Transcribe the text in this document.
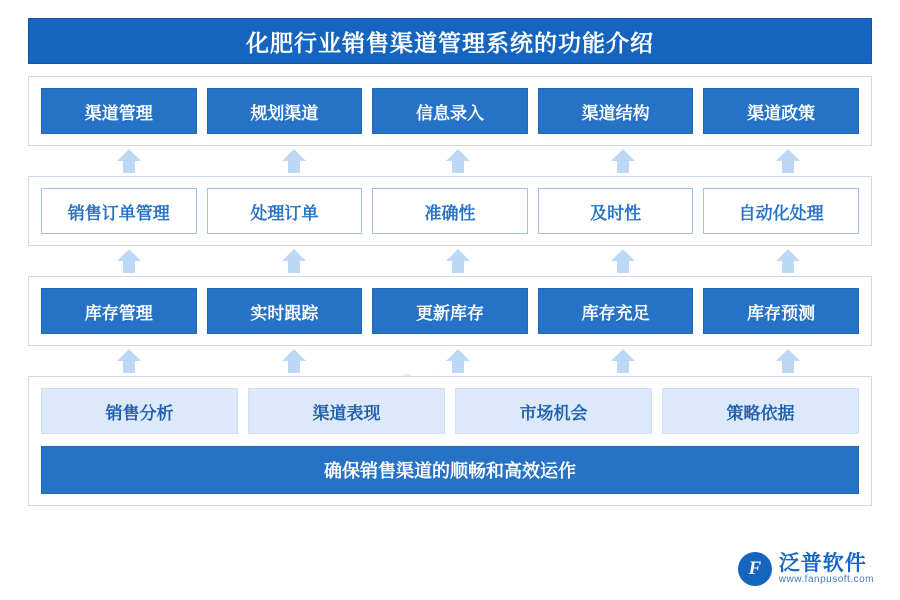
化肥行业销售渠道管理系统的功能介绍
渠道管理	规划渠道	信息录入	渠道结构	渠道政策
销售订单管理	处理订单	准确性	及时性	自动化处理
库存管理	实时跟踪	更新库存	库存充足	库存预测
销售分析	渠道表现	市场机会	策略依据
确保销售渠道的顺畅和高效运作
F 泛普软件
www.fanpusoft.com
